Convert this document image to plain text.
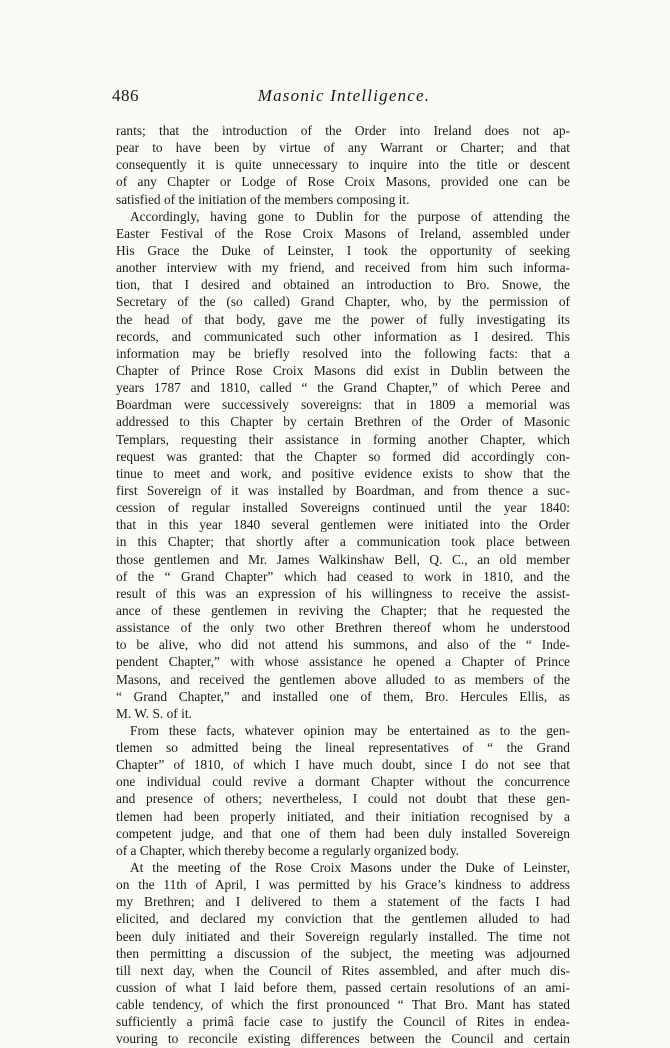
486	Masonic Intelligence.
rants; that the introduction of the Order into Ireland does not ap-
pear to have been by virtue of any Warrant or Charter; and that
consequently it is quite unnecessary to inquire into the title or descent
of any Chapter or Lodge of Rose Croix Masons, provided one can be
satisfied of the initiation of the members composing it.
Accordingly, having gone to Dublin for the purpose of attending the
Easter Festival of the Rose Croix Masons of Ireland, assembled under
His Grace the Duke of Leinster, I took the opportunity of seeking
another interview with my friend, and received from him such informa-
tion, that I desired and obtained an introduction to Bro. Snowe, the
Secretary of the (so called) Grand Chapter, who, by the permission of
the head of that body, gave me the power of fully investigating its
records, and communicated such other information as I desired. This
information may be briefly resolved into the following facts: that a
Chapter of Prince Rose Croix Masons did exist in Dublin between the
years 1787 and 1810, called “ the Grand Chapter,” of which Peree and
Boardman were successively sovereigns: that in 1809 a memorial was
addressed to this Chapter by certain Brethren of the Order of Masonic
Templars, requesting their assistance in forming another Chapter, which
request was granted: that the Chapter so formed did accordingly con-
tinue to meet and work, and positive evidence exists to show that the
first Sovereign of it was installed by Boardman, and from thence a suc-
cession of regular installed Sovereigns continued until the year 1840:
that in this year 1840 several gentlemen were initiated into the Order
in this Chapter; that shortly after a communication took place between
those gentlemen and Mr. James Walkinshaw Bell, Q. C., an old member
of the “ Grand Chapter” which had ceased to work in 1810, and the
result of this was an expression of his willingness to receive the assist-
ance of these gentlemen in reviving the Chapter; that he requested the
assistance of the only two other Brethren thereof whom he understood
to be alive, who did not attend his summons, and also of the “ Inde-
pendent Chapter,” with whose assistance he opened a Chapter of Prince
Masons, and received the gentlemen above alluded to as members of the
“ Grand Chapter,” and installed one of them, Bro. Hercules Ellis, as
M. W. S. of it.
From these facts, whatever opinion may be entertained as to the gen-
tlemen so admitted being the lineal representatives of “ the Grand
Chapter” of 1810, of which I have much doubt, since I do not see that
one individual could revive a dormant Chapter without the concurrence
and presence of others; nevertheless, I could not doubt that these gen-
tlemen had been properly initiated, and their initiation recognised by a
competent judge, and that one of them had been duly installed Sovereign
of a Chapter, which thereby become a regularly organized body.
At the meeting of the Rose Croix Masons under the Duke of Leinster,
on the 11th of April, I was permitted by his Grace’s kindness to address
my Brethren; and I delivered to them a statement of the facts I had
elicited, and declared my conviction that the gentlemen alluded to had
been duly initiated and their Sovereign regularly installed. The time not
then permitting a discussion of the subject, the meeting was adjourned
till next day, when the Council of Rites assembled, and after much dis-
cussion of what I laid before them, passed certain resolutions of an ami-
cable tendency, of which the first pronounced “ That Bro. Mant has stated
sufficiently a primâ facie case to justify the Council of Rites in endea-
vouring to reconcile existing differences between the Council and certain
